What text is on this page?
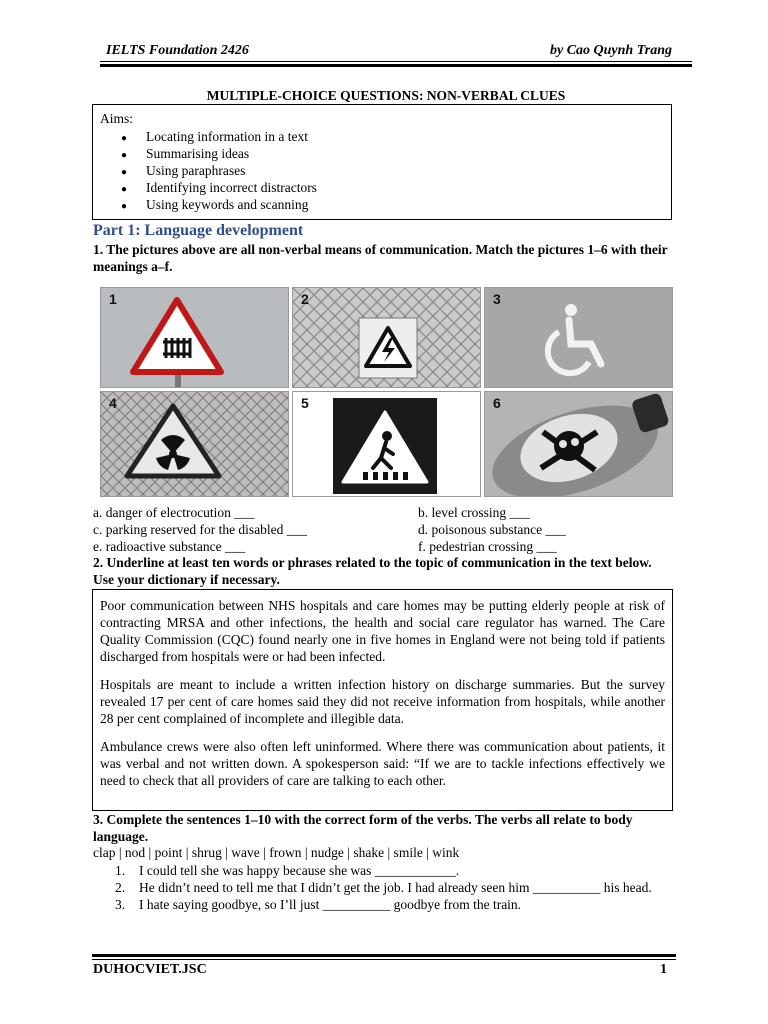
IELTS Foundation 2426	by Cao Quynh Trang
MULTIPLE-CHOICE QUESTIONS: NON-VERBAL CLUES
Aims:
● Locating information in a text
● Summarising ideas
● Using paraphrases
● Identifying incorrect distractors
● Using keywords and scanning
Part 1: Language development
1. The pictures above are all non-verbal means of communication. Match the pictures 1–6 with their meanings a–f.
1	2	3
4	5	6
a. danger of electrocution ___	b. level crossing ___
c. parking reserved for the disabled ___	d. poisonous substance ___
e. radioactive substance ___	f. pedestrian crossing ___
2. Underline at least ten words or phrases related to the topic of communication in the text below. Use your dictionary if necessary.

Poor communication between NHS hospitals and care homes may be putting elderly people at risk of contracting MRSA and other infections, the health and social care regulator has warned. The Care Quality Commission (CQC) found nearly one in five homes in England were not being told if patients discharged from hospitals were or had been infected.

Hospitals are meant to include a written infection history on discharge summaries. But the survey revealed 17 per cent of care homes said they did not receive information from hospitals, while another 28 per cent complained of incomplete and illegible data.

Ambulance crews were also often left uninformed. Where there was communication about patients, it was verbal and not written down. A spokesperson said: “If we are to tackle infections effectively we need to check that all providers of care are talking to each other.

3. Complete the sentences 1–10 with the correct form of the verbs. The verbs all relate to body language.
clap | nod | point | shrug | wave | frown | nudge | shake | smile | wink
1. I could tell she was happy because she was ____________.
2. He didn’t need to tell me that I didn’t get the job. I had already seen him __________ his head.
3. I hate saying goodbye, so I’ll just __________ goodbye from the train.
DUHOCVIET.JSC	1
